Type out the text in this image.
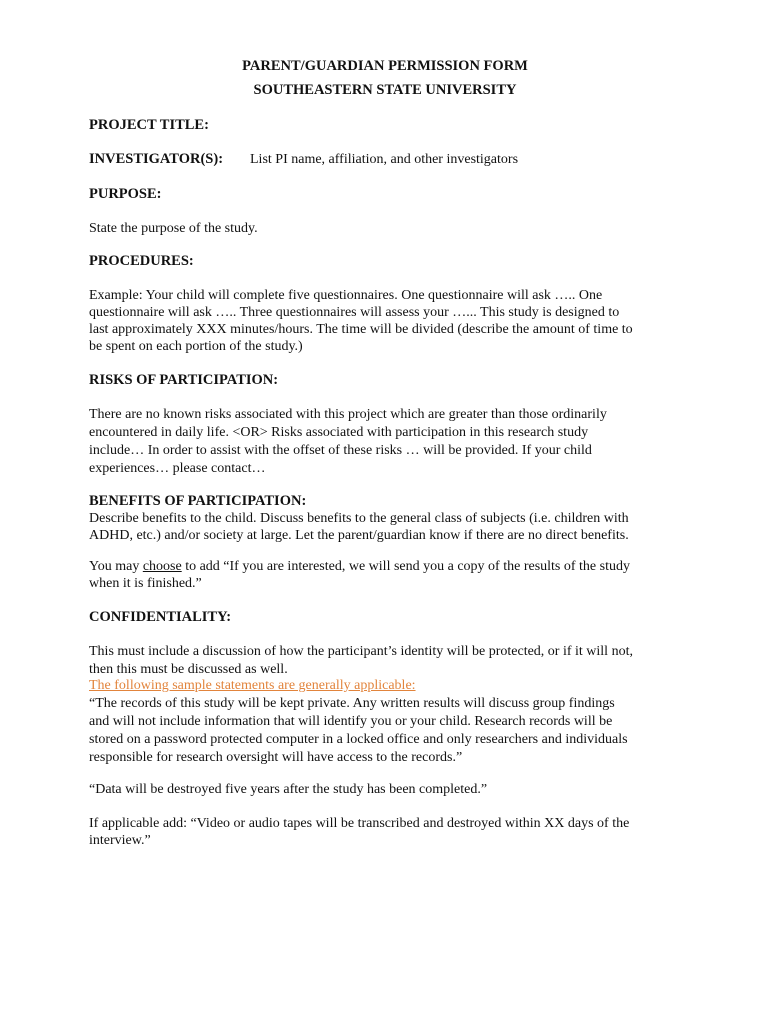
PARENT/GUARDIAN PERMISSION FORM

SOUTHEASTERN STATE UNIVERSITY

PROJECT TITLE:

INVESTIGATOR(S): List PI name, affiliation, and other investigators

PURPOSE:

State the purpose of the study.

PROCEDURES:

Example: Your child will complete five questionnaires. One questionnaire will ask ….. One
questionnaire will ask ….. Three questionnaires will assess your …... This study is designed to
last approximately XXX minutes/hours. The time will be divided (describe the amount of time to
be spent on each portion of the study.)

RISKS OF PARTICIPATION:

There are no known risks associated with this project which are greater than those ordinarily
encountered in daily life. <OR> Risks associated with participation in this research study
include… In order to assist with the offset of these risks … will be provided. If your child
experiences… please contact…

BENEFITS OF PARTICIPATION:

Describe benefits to the child. Discuss benefits to the general class of subjects (i.e. children with
ADHD, etc.) and/or society at large. Let the parent/guardian know if there are no direct benefits.
You may choose to add “If you are interested, we will send you a copy of the results of the study
when it is finished.”

CONFIDENTIALITY:

This must include a discussion of how the participant’s identity will be protected, or if it will not,
then this must be discussed as well.

The following sample statements are generally applicable:

“The records of this study will be kept private. Any written results will discuss group findings
and will not include information that will identify you or your child. Research records will be
stored on a password protected computer in a locked office and only researchers and individuals
responsible for research oversight will have access to the records.”

“Data will be destroyed five years after the study has been completed.”

If applicable add: “Video or audio tapes will be transcribed and destroyed within XX days of the
interview.”
